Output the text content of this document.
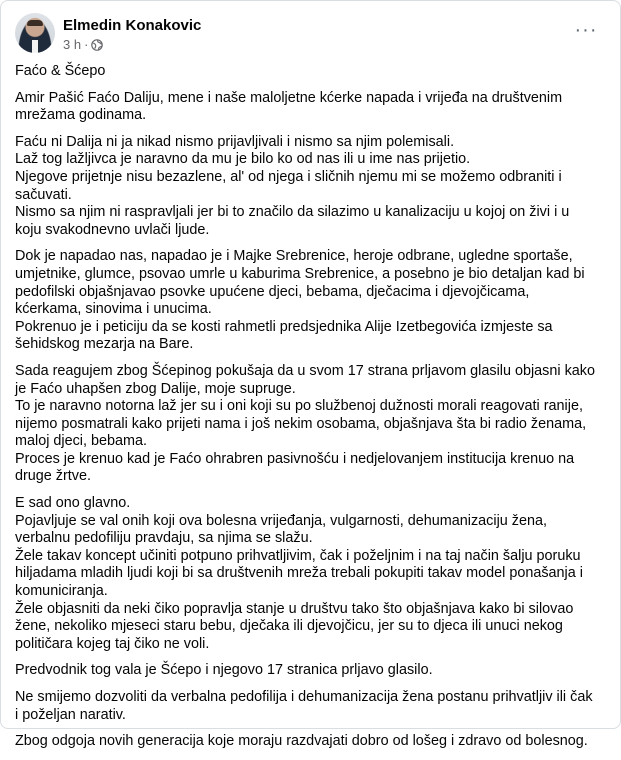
Elmedin Konakovic
3 h ·
···

Faćo & Šćepo

Amir Pašić Faćo Daliju, mene i naše maloljetne kćerke napada i vrijeđa na društvenim mrežama godinama.

Faću ni Dalija ni ja nikad nismo prijavljivali i nismo sa njim polemisali.
Laž tog lažljivca je naravno da mu je bilo ko od nas ili u ime nas prijetio.
Njegove prijetnje nisu bezazlene, al' od njega i sličnih njemu mi se možemo odbraniti i sačuvati.
Nismo sa njim ni raspravljali jer bi to značilo da silazimo u kanalizaciju u kojoj on živi i u koju svakodnevno uvlači ljude.

Dok je napadao nas, napadao je i Majke Srebrenice, heroje odbrane, ugledne sportaše, umjetnike, glumce, psovao umrle u kaburima Srebrenice, a posebno je bio detaljan kad bi pedofilski objašnjavao psovke upućene djeci, bebama, dječacima i djevojčicama, kćerkama, sinovima i unucima.
Pokrenuo je i peticiju da se kosti rahmetli predsjednika Alije Izetbegovića izmjeste sa šehidskog mezarja na Bare.

Sada reagujem zbog Šćepinog pokušaja da u svom 17 strana prljavom glasilu objasni kako je Faćo uhapšen zbog Dalije, moje supruge.
To je naravno notorna laž jer su i oni koji su po službenoj dužnosti morali reagovati ranije, nijemo posmatrali kako prijeti nama i još nekim osobama, objašnjava šta bi radio ženama, maloj djeci, bebama.
Proces je krenuo kad je Faćo ohrabren pasivnošću i nedjelovanjem institucija krenuo na druge žrtve.

E sad ono glavno.
Pojavljuje se val onih koji ova bolesna vrijeđanja, vulgarnosti, dehumanizaciju žena, verbalnu pedofiliju pravdaju, sa njima se slažu.
Žele takav koncept učiniti potpuno prihvatljivim, čak i poželjnim i na taj način šalju poruku hiljadama mladih ljudi koji bi sa društvenih mreža trebali pokupiti takav model ponašanja i komuniciranja.
Žele objasniti da neki čiko popravlja stanje u društvu tako što objašnjava kako bi silovao žene, nekoliko mjeseci staru bebu, dječaka ili djevojčicu, jer su to djeca ili unuci nekog političara kojeg taj čiko ne voli.

Predvodnik tog vala je Šćepo i njegovo 17 stranica prljavo glasilo.

Ne smijemo dozvoliti da verbalna pedofilija i dehumanizacija žena postanu prihvatljiv ili čak i poželjan narativ.

Zbog odgoja novih generacija koje moraju razdvajati dobro od lošeg i zdravo od bolesnog.
